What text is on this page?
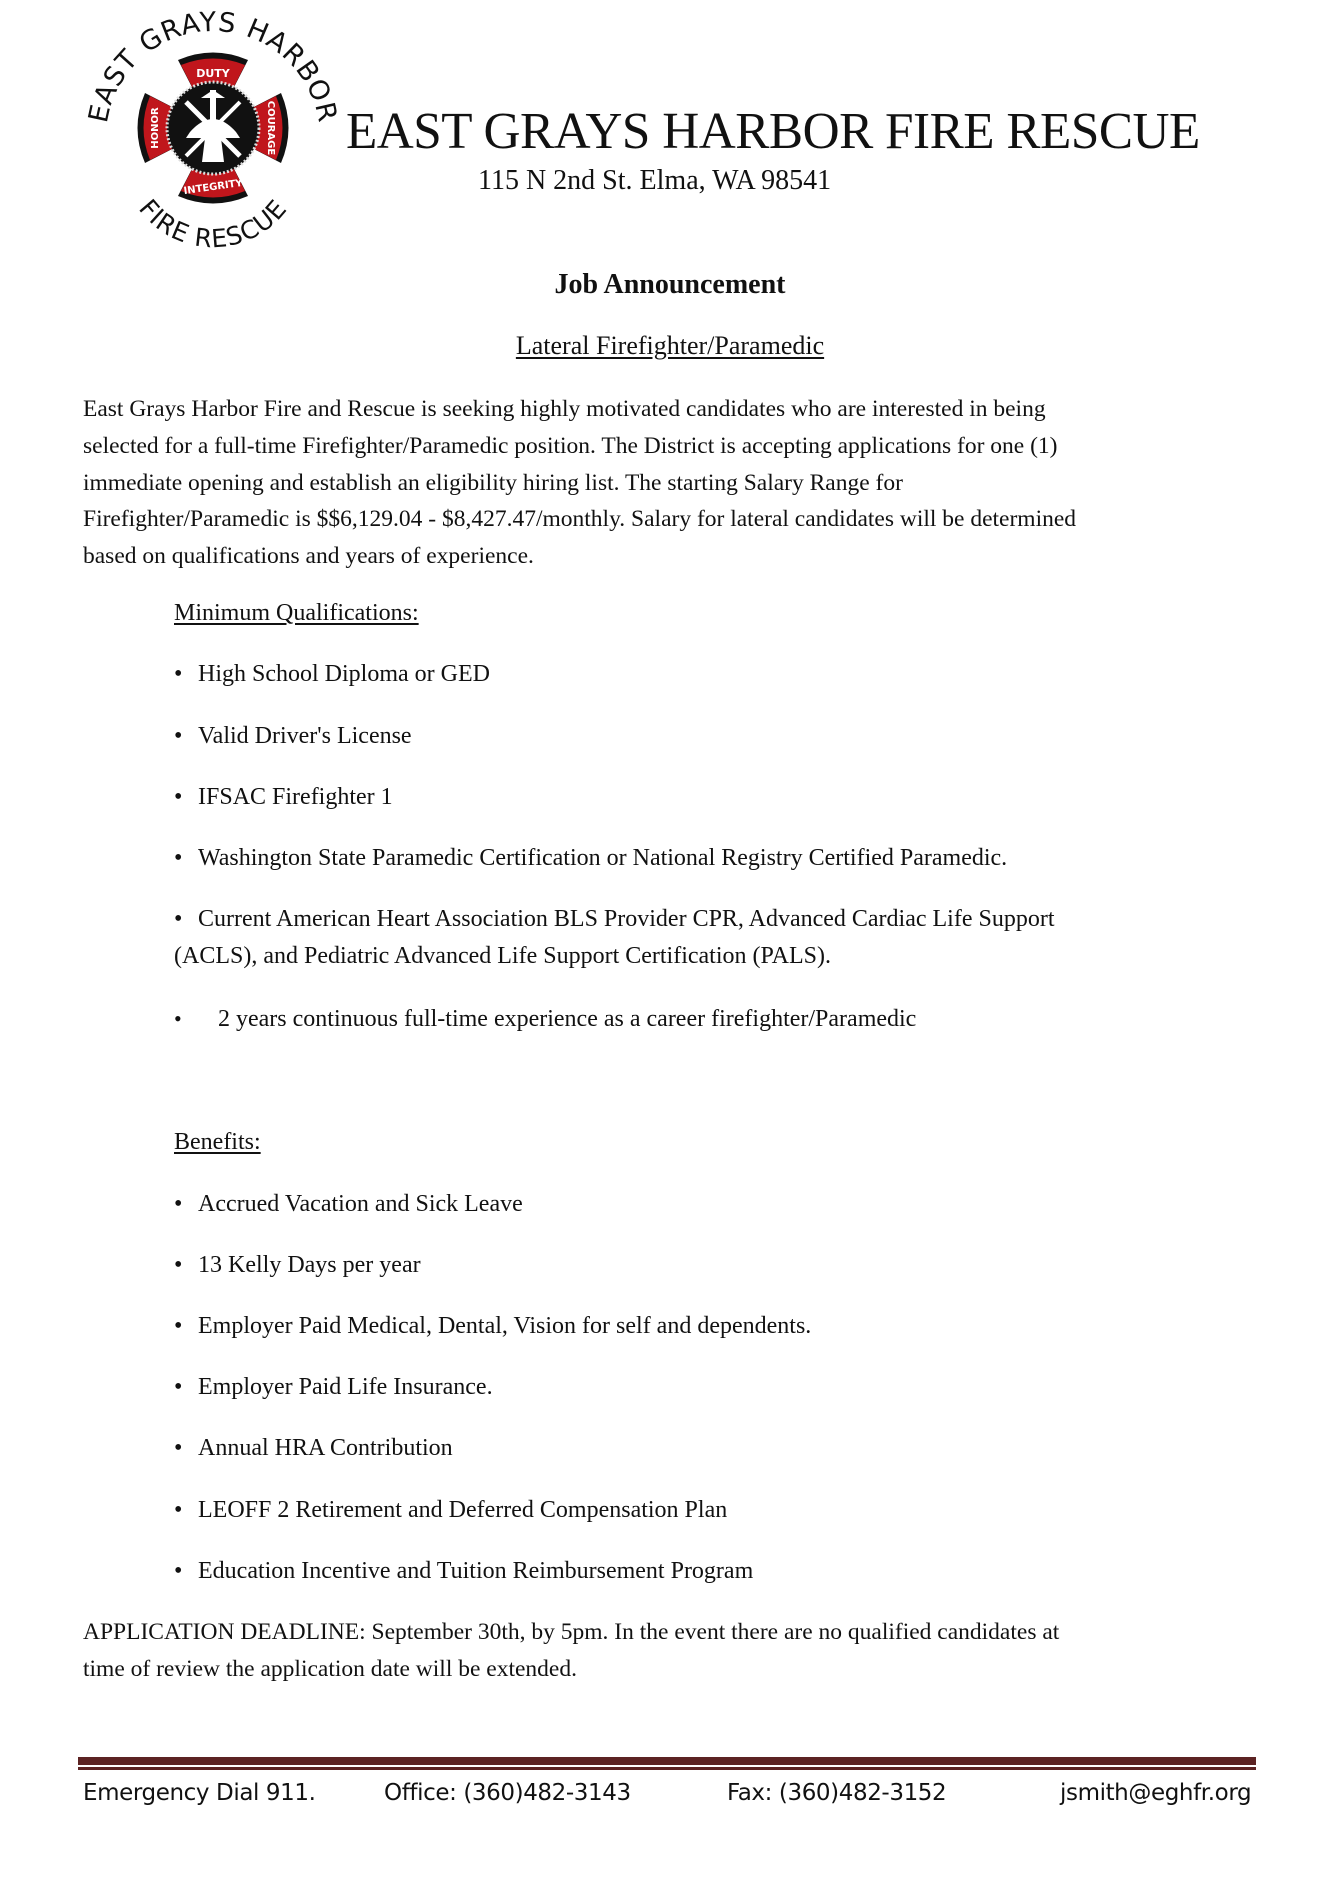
EAST GRAYS HARBOR
FIRE RESCUE
DUTY
INTEGRITY
HONOR	COURAGE EAST GRAYS HARBOR FIRE RESCUE
115 N 2nd St. Elma, WA 98541
Job Announcement
Lateral Firefighter/Paramedic

East Grays Harbor Fire and Rescue is seeking highly motivated candidates who are interested in being

selected for a full-time Firefighter/Paramedic position. The District is accepting applications for one (1)

immediate opening and establish an eligibility hiring list. The starting Salary Range for

Firefighter/Paramedic is $$6,129.04 - $8,427.47/monthly. Salary for lateral candidates will be determined

based on qualifications and years of experience.

Minimum Qualifications:
• High School Diploma or GED
• Valid Driver's License
• IFSAC Firefighter 1
• Washington State Paramedic Certification or National Registry Certified Paramedic.

• Current American Heart Association BLS Provider CPR, Advanced Cardiac Life Support

(ACLS), and Pediatric Advanced Life Support Certification (PALS).

• 2 years continuous full-time experience as a career firefighter/Paramedic
Benefits:
• Accrued Vacation and Sick Leave
• 13 Kelly Days per year
• Employer Paid Medical, Dental, Vision for self and dependents.
• Employer Paid Life Insurance.
• Annual HRA Contribution
• LEOFF 2 Retirement and Deferred Compensation Plan
• Education Incentive and Tuition Reimbursement Program

APPLICATION DEADLINE: September 30th, by 5pm. In the event there are no qualified candidates at

time of review the application date will be extended.

Emergency Dial 911.	Office: (360)482-3143	Fax: (360)482-3152	jsmith@eghfr.org
